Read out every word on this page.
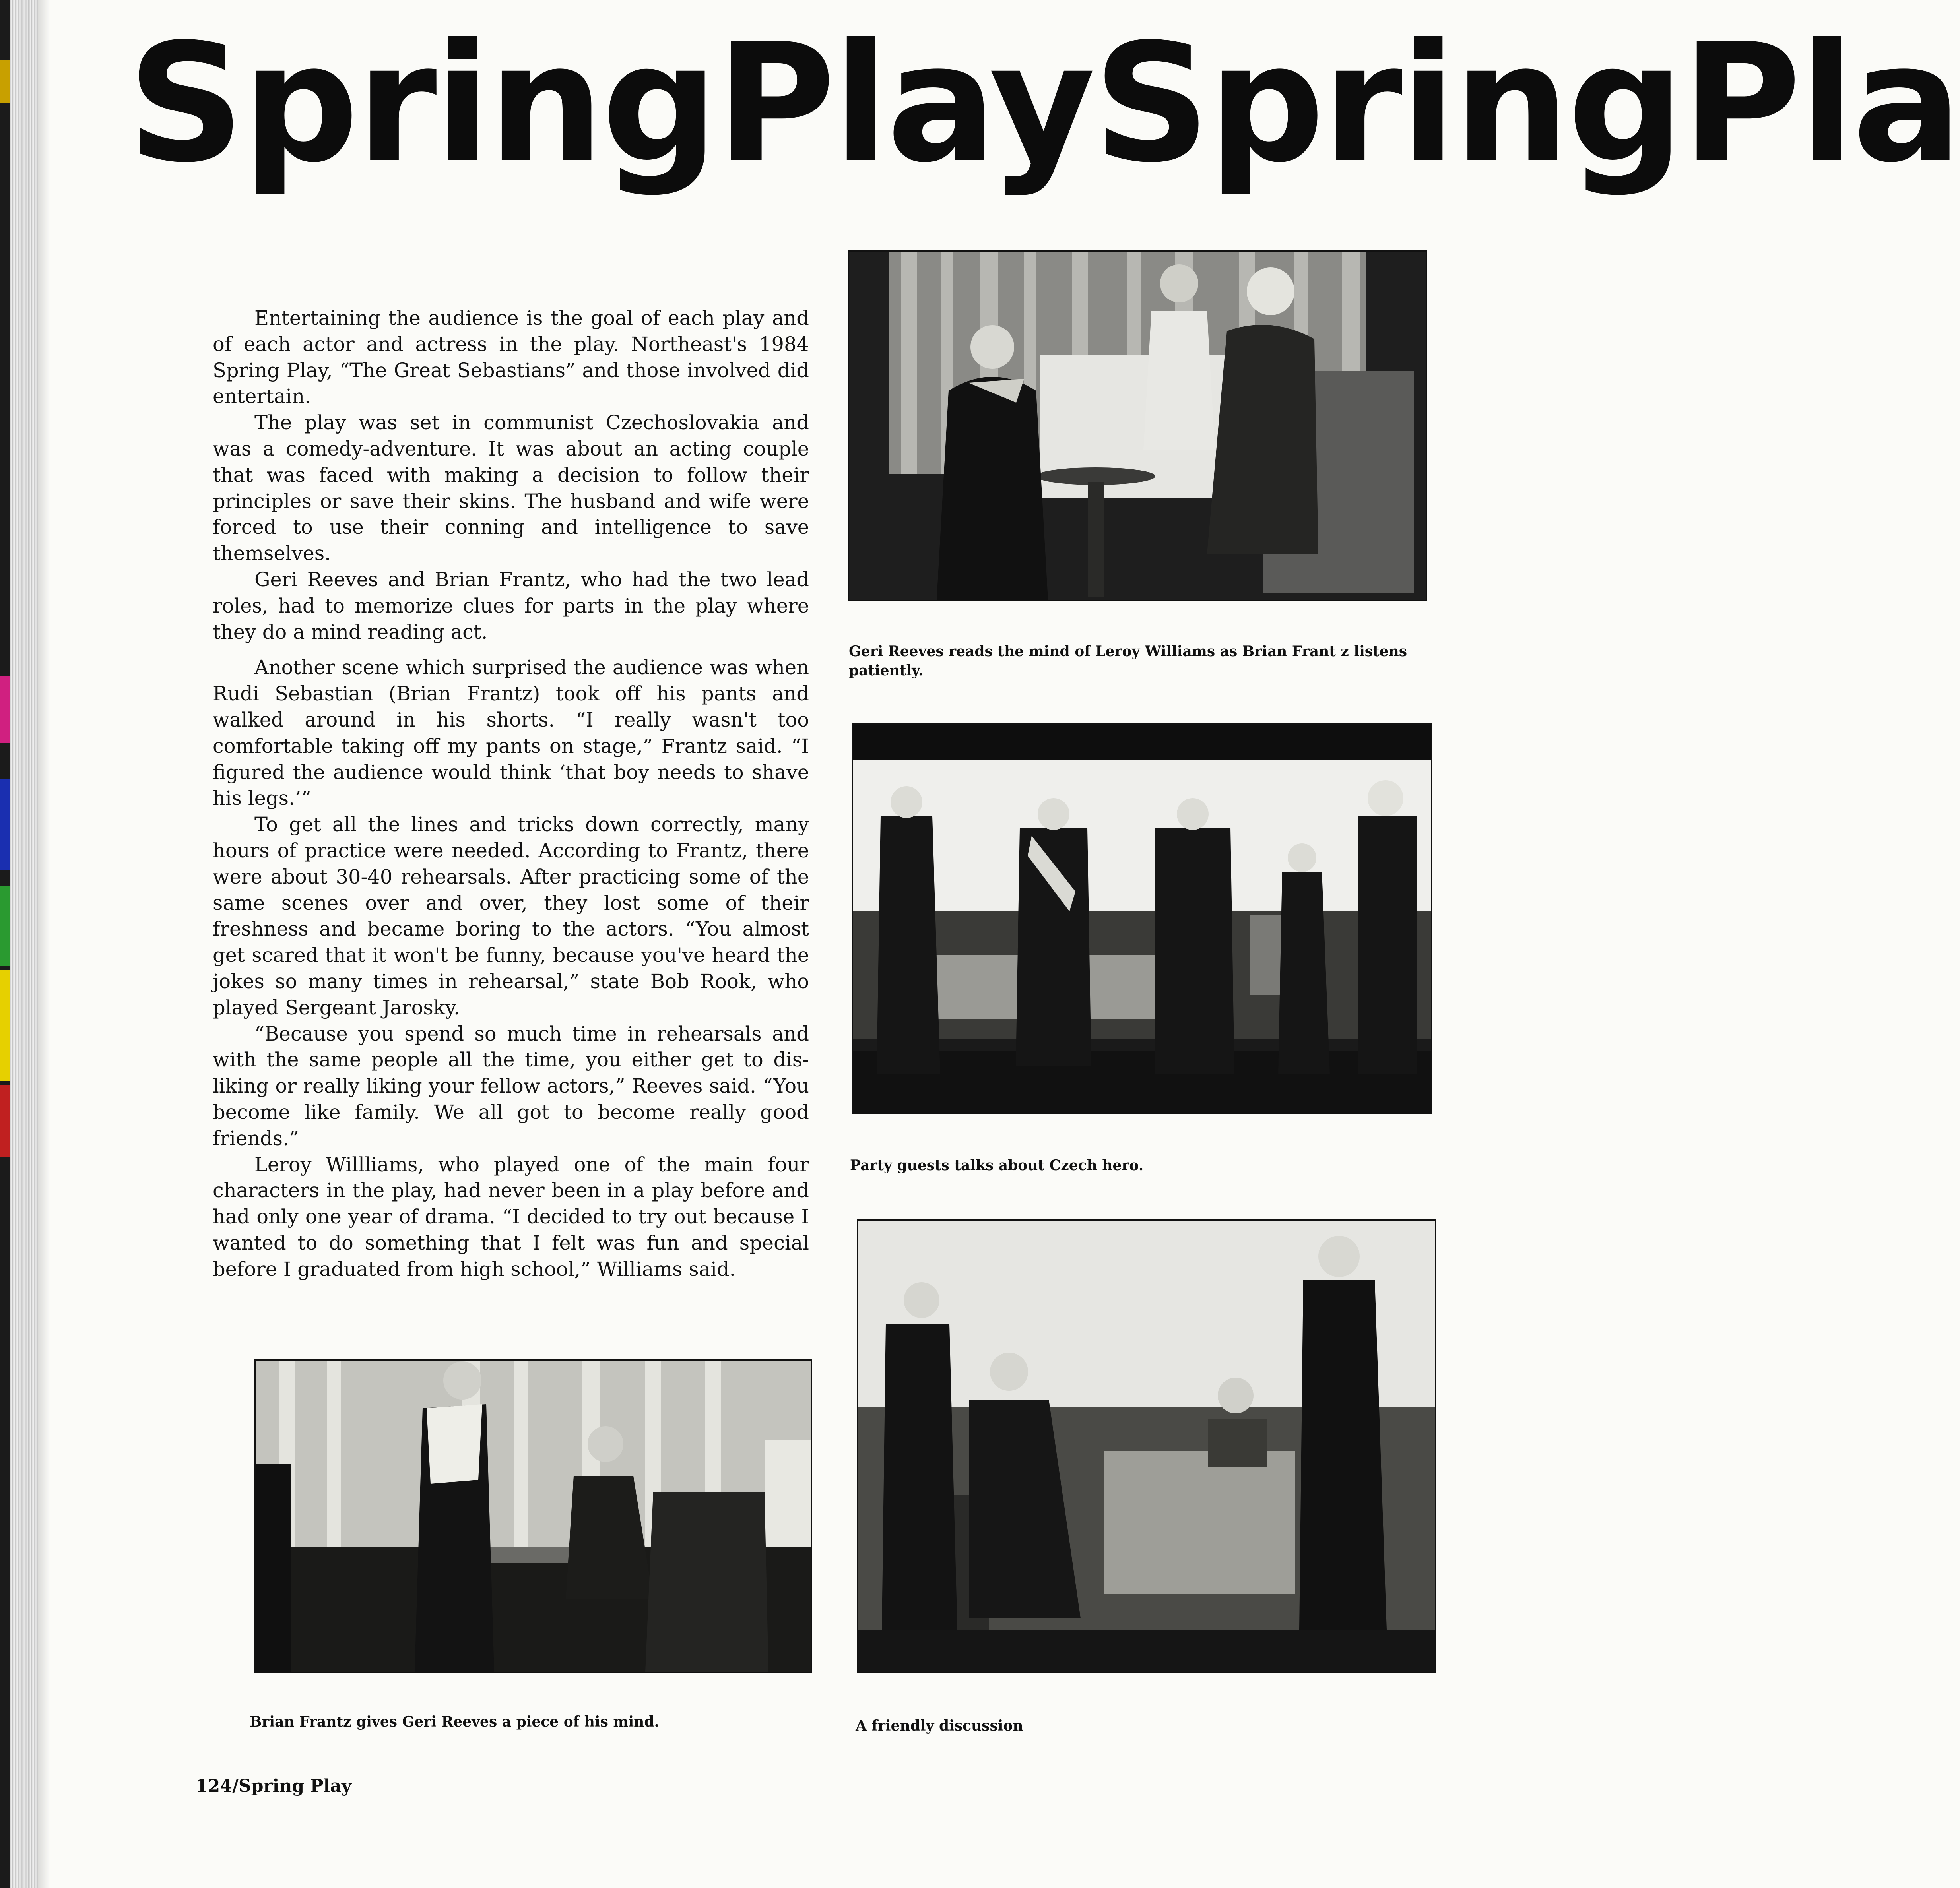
SpringPlaySpringPla

Entertaining the audience is the goal of each play and of each actor and actress in the play. Northeast's 1984 Spring Play, “The Great Sebastians” and those involved did entertain.

The play was set in communist Czechoslovakia and was a comedy-adventure. It was about an acting couple that was faced with making a decision to follow their principles or save their skins. The husband and wife were forced to use their conning and intelligence to save themselves.

Geri Reeves and Brian Frantz, who had the two lead roles, had to memorize clues for parts in the play where they do a mind reading act.

Another scene which surprised the audience was when Rudi Sebastian (Brian Frantz) took off his pants and walked around in his shorts. “I really wasn't too comfortable taking off my pants on stage,” Frantz said. “I figured the audience would think ‘that boy needs to shave his legs.’”

To get all the lines and tricks down correctly, many hours of practice were needed. According to Frantz, there were about 30-40 rehearsals. After practicing some of the same scenes over and over, they lost some of their freshness and became boring to the actors. “You almost get scared that it won't be funny, because you've heard the jokes so many times in rehearsal,” state Bob Rook, who played Sergeant Jarosky.

“Because you spend so much time in rehearsals and with the same people all the time, you either get to dis-liking or really liking your fellow actors,” Reeves said. “You become like family. We all got to become really good friends.”

Leroy Willliams, who played one of the main four characters in the play, had never been in a play before and had only one year of drama. “I decided to try out because I wanted to do something that I felt was fun and special before I graduated from high school,” Williams said.

Geri Reeves reads the mind of Leroy Williams as Brian Frant z listens patiently.
Party guests talks about Czech hero.
Brian Frantz gives Geri Reeves a piece of his mind.	A friendly discussion
124/Spring Play
